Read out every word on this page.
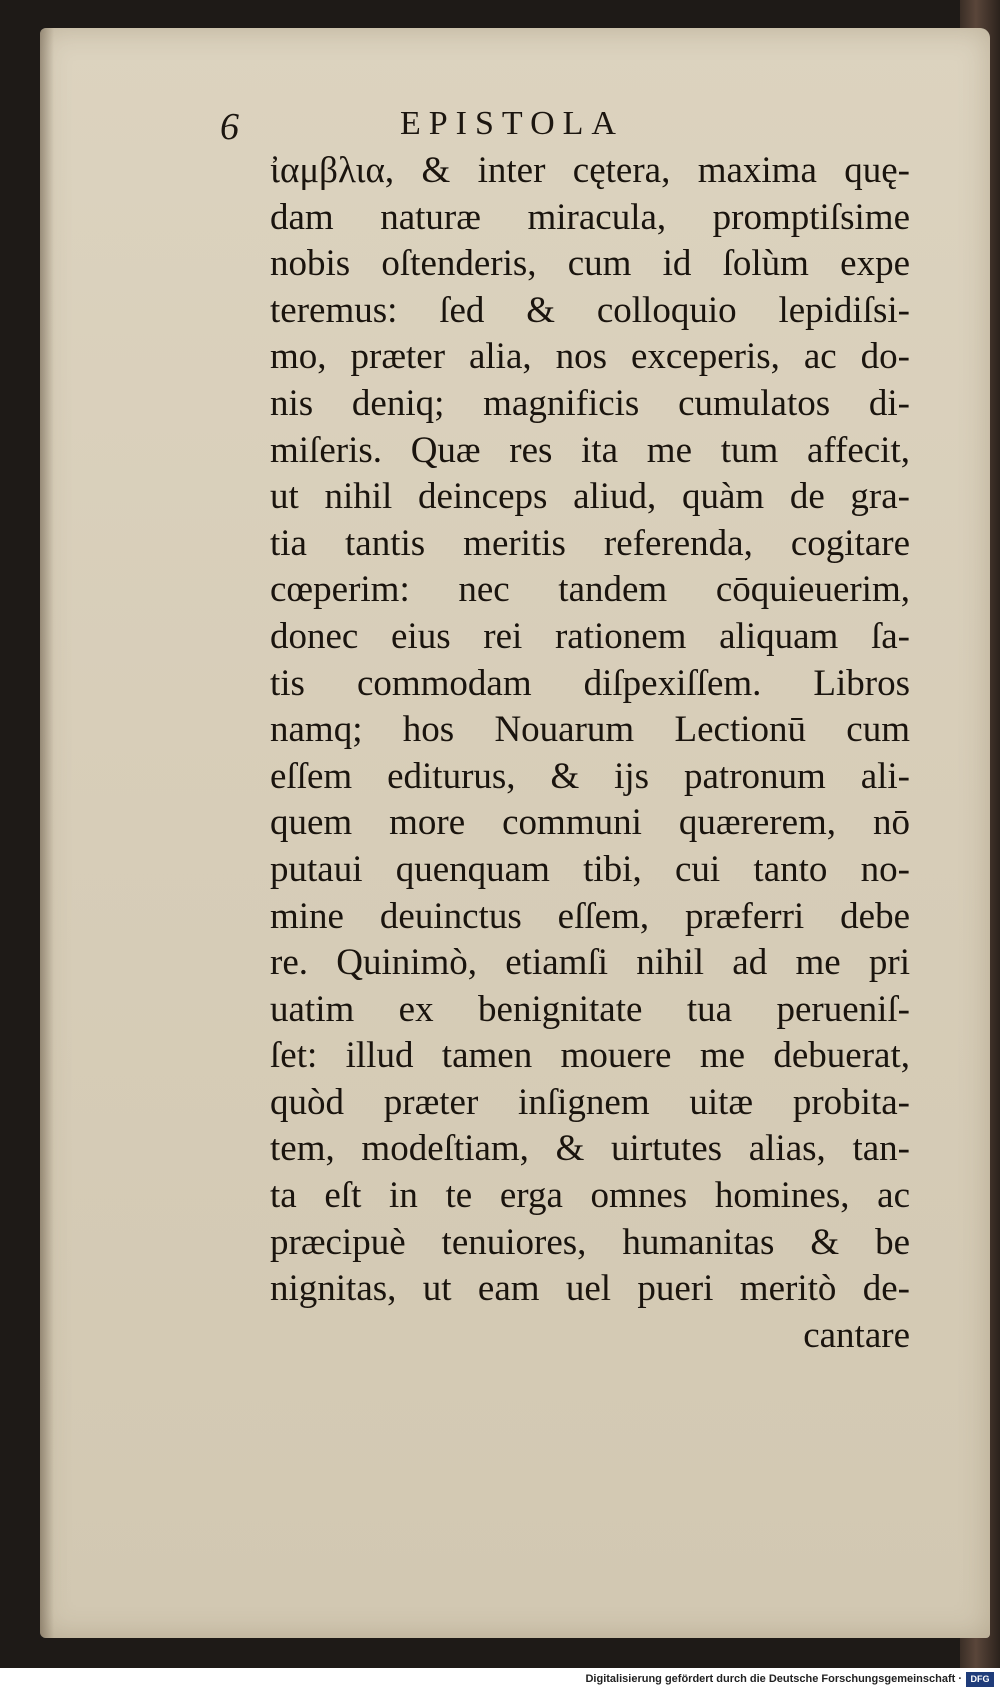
6	EPISTOLA
ἰαμβλια, & inter cętera, maxima quę-
dam naturæ miracula, promptiſsime
nobis oſtenderis, cum id ſolùm expe
teremus: ſed & colloquio lepidiſsi-
mo, præter alia, nos exceperis, ac do-
nis deniq; magnificis cumulatos di-
miſeris. Quæ res ita me tum affecit,
ut nihil deinceps aliud, quàm de gra-
tia tantis meritis referenda, cogitare
cœperim: nec tandem cōquieuerim,
donec eius rei rationem aliquam ſa-
tis commodam diſpexiſſem. Libros
namq; hos Nouarum Lectionū cum
eſſem editurus, & ijs patronum ali-
quem more communi quærerem, nō
putaui quenquam tibi, cui tanto no-
mine deuinctus eſſem, præferri debe
re. Quinimò, etiamſi nihil ad me pri
uatim ex benignitate tua perueniſ-
ſet: illud tamen mouere me debuerat,
quòd præter inſignem uitæ probita-
tem, modeſtiam, & uirtutes alias, tan-
ta eſt in te erga omnes homines, ac
præcipuè tenuiores, humanitas & be
nignitas, ut eam uel pueri meritò de-
cantare
Digitalisierung gefördert durch die Deutsche Forschungsgemeinschaft · DFG
